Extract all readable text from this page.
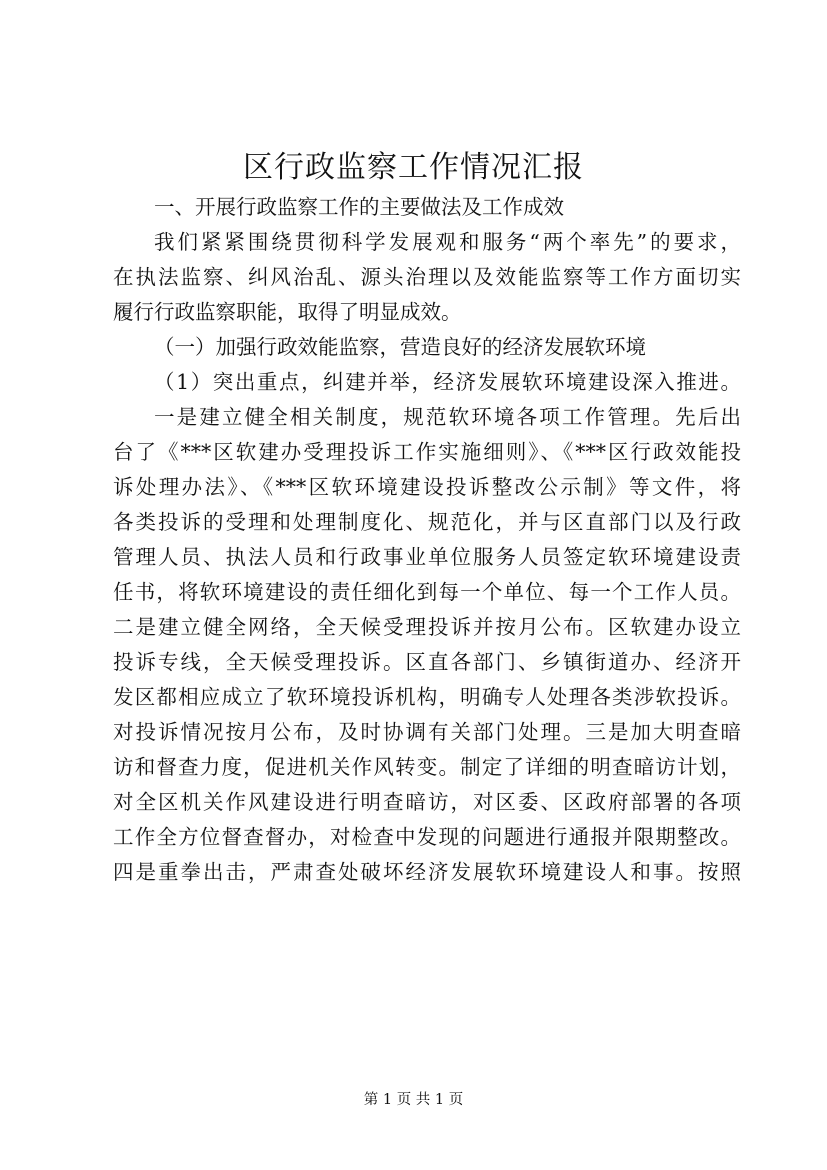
区行政监察工作情况汇报
一、开展行政监察工作的主要做法及工作成效
我们紧紧围绕贯彻科学发展观和服务“两个率先”的要求，
在执法监察、纠风治乱、源头治理以及效能监察等工作方面切实
履行行政监察职能，取得了明显成效。
（一）加强行政效能监察，营造良好的经济发展软环境
（1）突出重点，纠建并举，经济发展软环境建设深入推进。
一是建立健全相关制度，规范软环境各项工作管理。先后出
台了《***区软建办受理投诉工作实施细则》、《***区行政效能投
诉处理办法》、《***区软环境建设投诉整改公示制》等文件，将
各类投诉的受理和处理制度化、规范化，并与区直部门以及行政
管理人员、执法人员和行政事业单位服务人员签定软环境建设责
任书，将软环境建设的责任细化到每一个单位、每一个工作人员。
二是建立健全网络，全天候受理投诉并按月公布。区软建办设立
投诉专线，全天候受理投诉。区直各部门、乡镇街道办、经济开
发区都相应成立了软环境投诉机构，明确专人处理各类涉软投诉。
对投诉情况按月公布，及时协调有关部门处理。三是加大明查暗
访和督查力度，促进机关作风转变。制定了详细的明查暗访计划，
对全区机关作风建设进行明查暗访，对区委、区政府部署的各项
工作全方位督查督办，对检查中发现的问题进行通报并限期整改。
四是重拳出击，严肃查处破坏经济发展软环境建设人和事。按照
第 1 页 共 1 页
